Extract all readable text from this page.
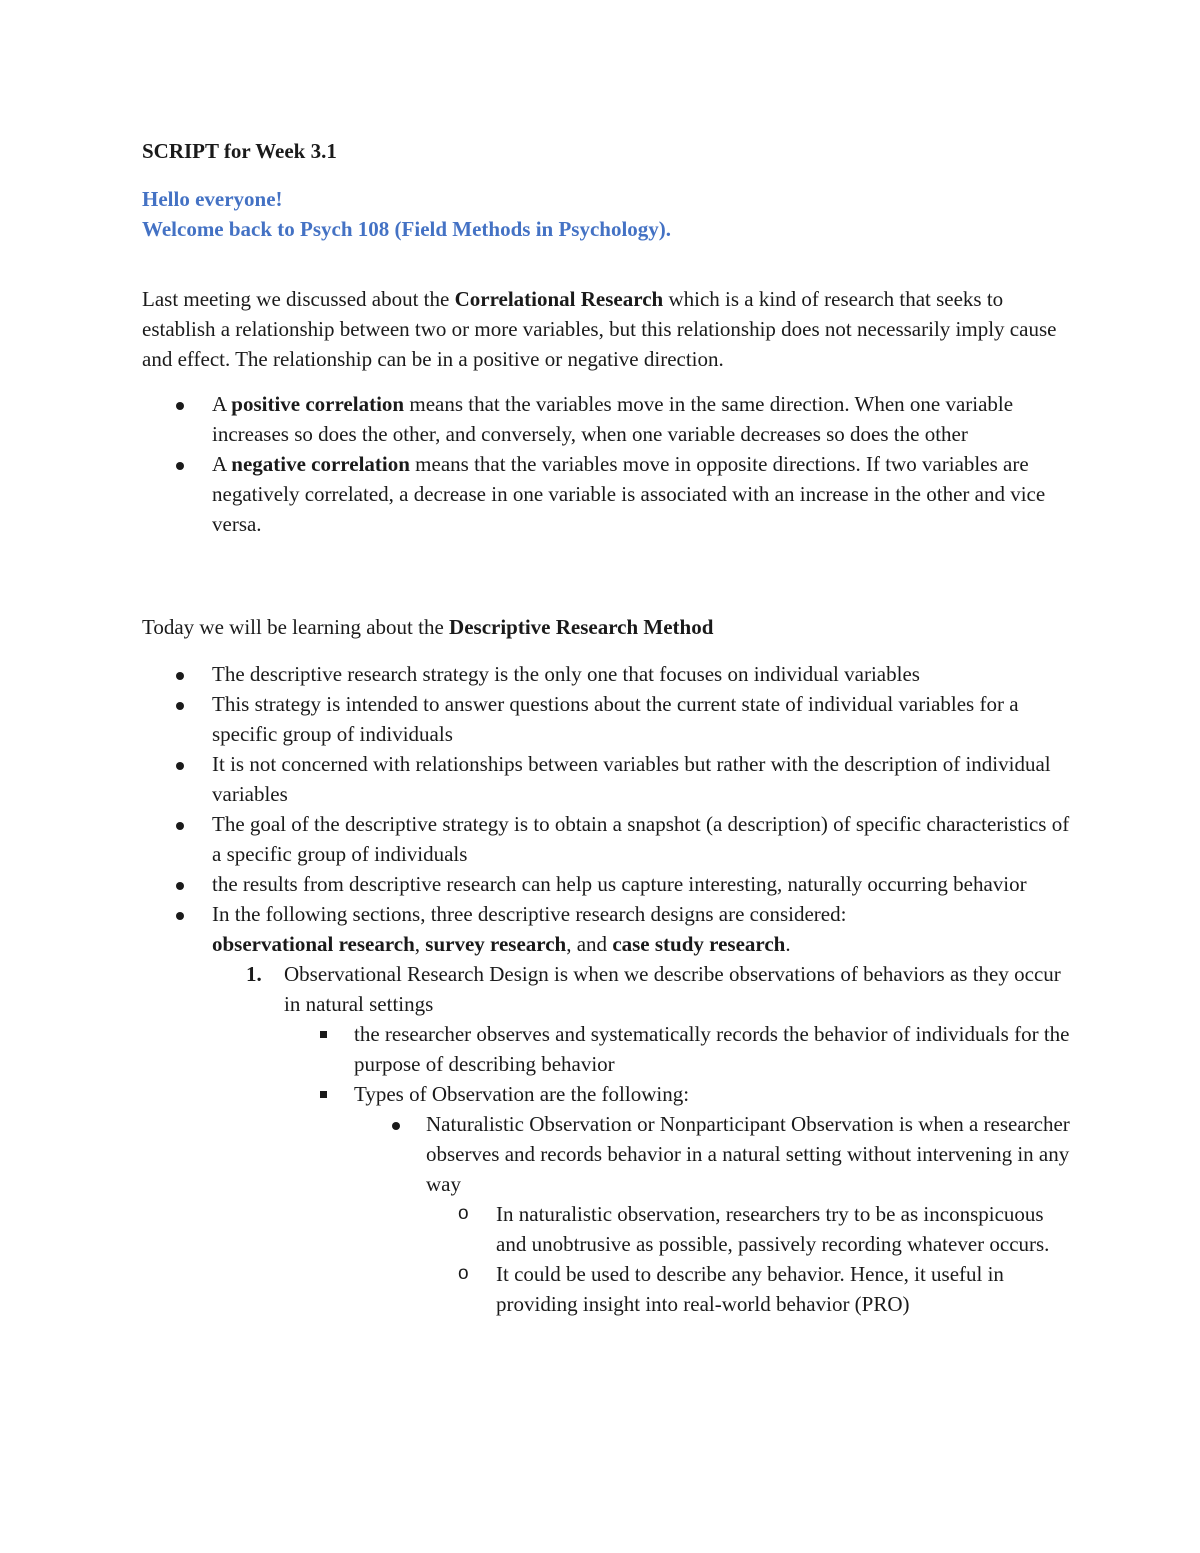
SCRIPT for Week 3.1
Hello everyone!
Welcome back to Psych 108 (Field Methods in Psychology).
Last meeting we discussed about the Correlational Research which is a kind of research that seeks to establish a relationship between two or more variables, but this relationship does not necessarily imply cause and effect. The relationship can be in a positive or negative direction.
A positive correlation means that the variables move in the same direction. When one variable increases so does the other, and conversely, when one variable decreases so does the other
A negative correlation means that the variables move in opposite directions. If two variables are negatively correlated, a decrease in one variable is associated with an increase in the other and vice versa.
Today we will be learning about the Descriptive Research Method
The descriptive research strategy is the only one that focuses on individual variables
This strategy is intended to answer questions about the current state of individual variables for a specific group of individuals
It is not concerned with relationships between variables but rather with the description of individual variables
The goal of the descriptive strategy is to obtain a snapshot (a description) of specific characteristics of a specific group of individuals
the results from descriptive research can help us capture interesting, naturally occurring behavior
In the following sections, three descriptive research designs are considered:
observational research, survey research, and case study research.
1. Observational Research Design is when we describe observations of behaviors as they occur in natural settings
the researcher observes and systematically records the behavior of individuals for the purpose of describing behavior
Types of Observation are the following:
Naturalistic Observation or Nonparticipant Observation is when a researcher observes and records behavior in a natural setting without intervening in any way
o In naturalistic observation, researchers try to be as inconspicuous and unobtrusive as possible, passively recording whatever occurs.
o It could be used to describe any behavior. Hence, it useful in providing insight into real-world behavior (PRO)
